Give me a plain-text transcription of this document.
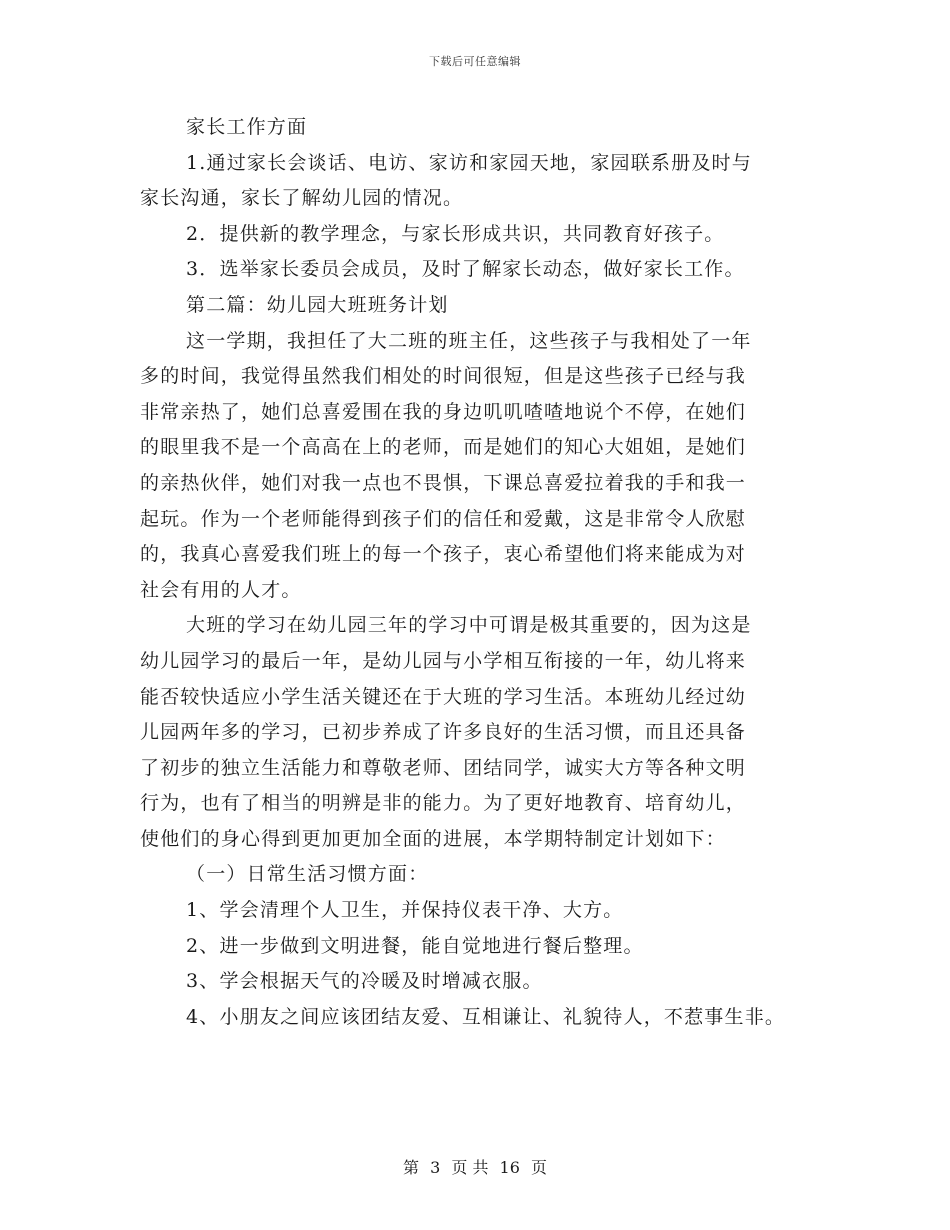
下载后可任意编辑
家长工作方面
1.通过家长会谈话、电访、家访和家园天地，家园联系册及时与
家长沟通，家长了解幼儿园的情况。
2．提供新的教学理念，与家长形成共识，共同教育好孩子。
3．选举家长委员会成员，及时了解家长动态，做好家长工作。
第二篇：幼儿园大班班务计划
这一学期，我担任了大二班的班主任，这些孩子与我相处了一年
多的时间，我觉得虽然我们相处的时间很短，但是这些孩子已经与我
非常亲热了，她们总喜爱围在我的身边叽叽喳喳地说个不停，在她们
的眼里我不是一个高高在上的老师，而是她们的知心大姐姐，是她们
的亲热伙伴，她们对我一点也不畏惧，下课总喜爱拉着我的手和我一
起玩。作为一个老师能得到孩子们的信任和爱戴，这是非常令人欣慰
的，我真心喜爱我们班上的每一个孩子，衷心希望他们将来能成为对
社会有用的人才。
大班的学习在幼儿园三年的学习中可谓是极其重要的，因为这是
幼儿园学习的最后一年，是幼儿园与小学相互衔接的一年，幼儿将来
能否较快适应小学生活关键还在于大班的学习生活。本班幼儿经过幼
儿园两年多的学习，已初步养成了许多良好的生活习惯，而且还具备
了初步的独立生活能力和尊敬老师、团结同学，诚实大方等各种文明
行为，也有了相当的明辨是非的能力。为了更好地教育、培育幼儿，
使他们的身心得到更加更加全面的进展，本学期特制定计划如下：
（一）日常生活习惯方面：
1、学会清理个人卫生，并保持仪表干净、大方。
2、进一步做到文明进餐，能自觉地进行餐后整理。
3、学会根据天气的冷暖及时增减衣服。
4、小朋友之间应该团结友爱、互相谦让、礼貌待人，不惹事生非。
第 3 页 共 16 页
